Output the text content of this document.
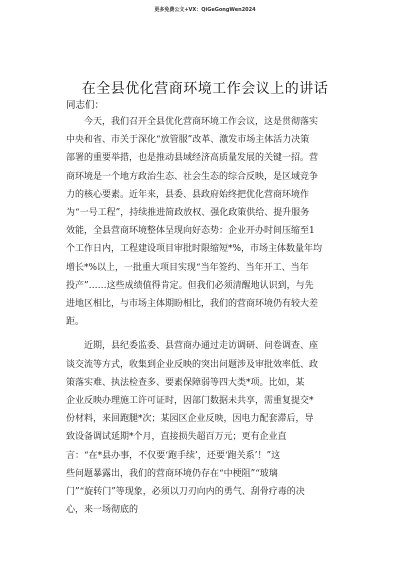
更多免费公文+VX：QiGeGongWen2024
在全县优化营商环境工作会议上的讲话
同志们：
　　今天，我们召开全县优化营商环境工作会议，这是贯彻落实
中央和省、市关于深化“放管服”改革、激发市场主体活力决策
部署的重要举措，也是推动县域经济高质量发展的关键一招。营
商环境是一个地方政治生态、社会生态的综合反映，是区域竞争
力的核心要素。近年来，县委、县政府始终把优化营商环境作
为“一号工程”，持续推进简政放权、强化政策供给、提升服务
效能，全县营商环境整体呈现向好态势：企业开办时间压缩至1
个工作日内，工程建设项目审批时限缩短*%，市场主体数量年均
增长*%以上，一批重大项目实现“当年签约、当年开工、当年
投产”……这些成绩值得肯定。但我们必须清醒地认识到，与先
进地区相比，与市场主体期盼相比，我们的营商环境仍有较大差
距。
　　近期，县纪委监委、县营商办通过走访调研、问卷调查、座
谈交流等方式，收集到企业反映的突出问题涉及审批效率低、政
策落实难、执法检查多、要素保障弱等四大类*项。比如，某
企业反映办理施工许可证时，因部门数据未共享，需重复提交*
份材料，来回跑腿*次；某园区企业反映，因电力配套滞后，导
致设备调试延期*个月，直接损失超百万元；更有企业直
言：“在*县办事，不仅要‘跑手续’，还要‘跑关系’！”这
些问题暴露出，我们的营商环境仍存在“中梗阻”“玻璃
门”“旋转门”等现象，必须以刀刃向内的勇气、刮骨疗毒的决
心，来一场彻底的
